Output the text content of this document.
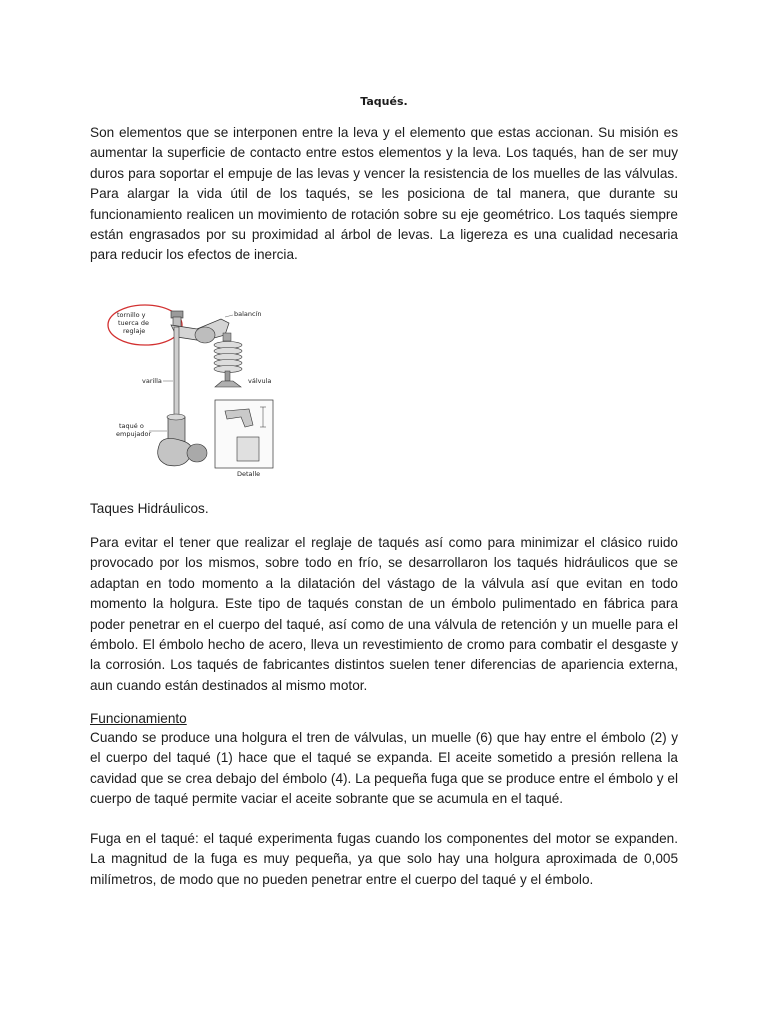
Taqués.

Son elementos que se interponen entre la leva y el elemento que estas accionan. Su misión es aumentar la superficie de contacto entre estos elementos y la leva. Los taqués, han de ser muy duros para soportar el empuje de las levas y vencer la resistencia de los muelles de las válvulas. Para alargar la vida útil de los taqués, se les posiciona de tal manera, que durante su funcionamiento realicen un movimiento de rotación sobre su eje geométrico. Los taqués siempre están engrasados por su proximidad al árbol de levas. La ligereza es una cualidad necesaria para reducir los efectos de inercia.

tornillo y
tuerca de
reglaje
balancín
varilla	válvula
taqué o
empujador
Detalle

Taques Hidráulicos.

Para evitar el tener que realizar el reglaje de taqués así como para minimizar el clásico ruido provocado por los mismos, sobre todo en frío, se desarrollaron los taqués hidráulicos que se adaptan en todo momento a la dilatación del vástago de la válvula así que evitan en todo momento la holgura. Este tipo de taqués constan de un émbolo pulimentado en fábrica para poder penetrar en el cuerpo del taqué, así como de una válvula de retención y un muelle para el émbolo. El émbolo hecho de acero, lleva un revestimiento de cromo para combatir el desgaste y la corrosión. Los taqués de fabricantes distintos suelen tener diferencias de apariencia externa, aun cuando están destinados al mismo motor.

Funcionamiento

Cuando se produce una holgura el tren de válvulas, un muelle (6) que hay entre el émbolo (2) y el cuerpo del taqué (1) hace que el taqué se expanda. El aceite sometido a presión rellena la cavidad que se crea debajo del émbolo (4). La pequeña fuga que se produce entre el émbolo y el cuerpo de taqué permite vaciar el aceite sobrante que se acumula en el taqué.

Fuga en el taqué: el taqué experimenta fugas cuando los componentes del motor se expanden. La magnitud de la fuga es muy pequeña, ya que solo hay una holgura aproximada de 0,005 milímetros, de modo que no pueden penetrar entre el cuerpo del taqué y el émbolo.
